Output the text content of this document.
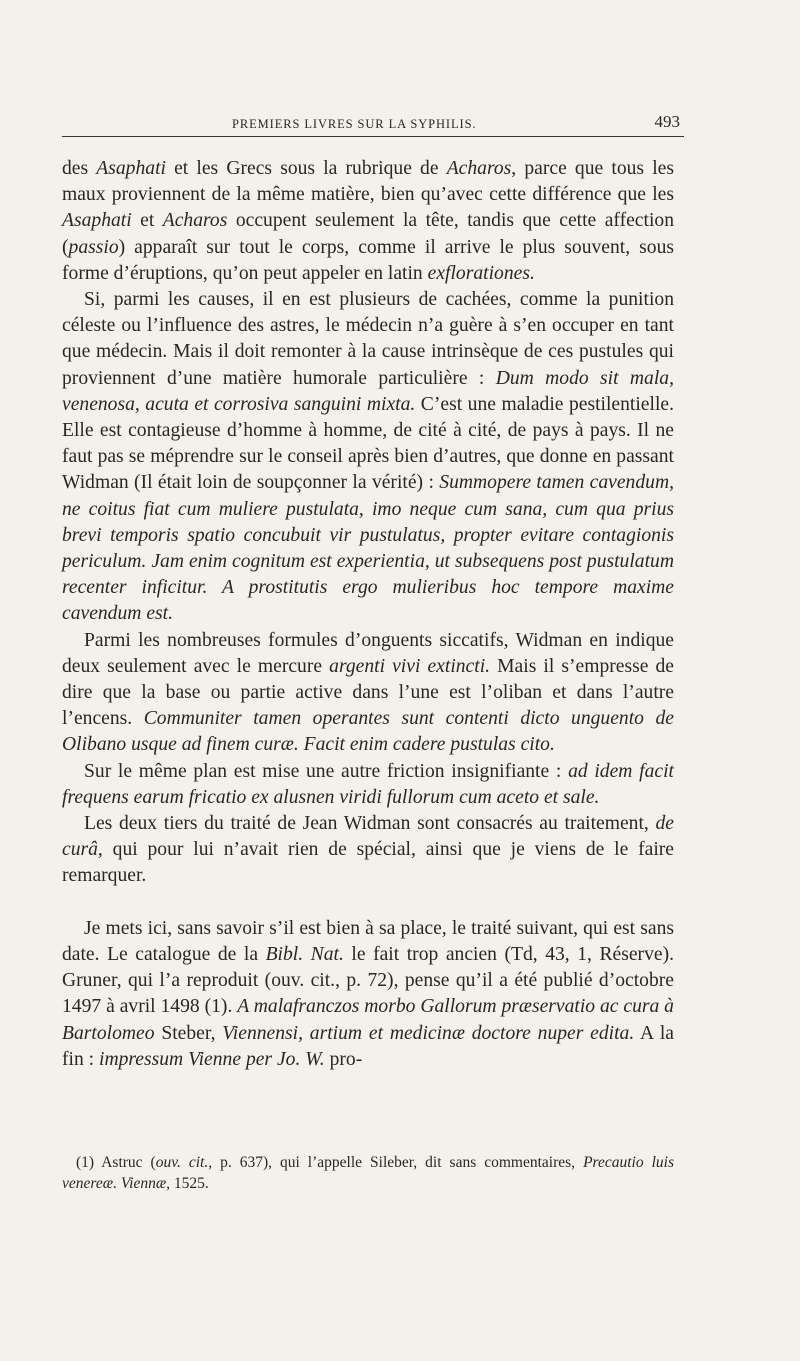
PREMIERS LIVRES SUR LA SYPHILIS.	493

des Asaphati et les Grecs sous la rubrique de Acharos, parce que tous les maux proviennent de la même matière, bien qu’avec cette différence que les Asaphati et Acharos occupent seulement la tête, tandis que cette affection (passio) apparaît sur tout le corps, comme il arrive le plus souvent, sous forme d’éruptions, qu’on peut appeler en latin exflorationes.

Si, parmi les causes, il en est plusieurs de cachées, comme la punition céleste ou l’influence des astres, le médecin n’a guère à s’en occuper en tant que médecin. Mais il doit remonter à la cause intrinsèque de ces pustules qui proviennent d’une matière humorale particulière : Dum modo sit mala, venenosa, acuta et corrosiva sanguini mixta. C’est une maladie pestilentielle. Elle est contagieuse d’homme à homme, de cité à cité, de pays à pays. Il ne faut pas se méprendre sur le conseil après bien d’autres, que donne en passant Widman (Il était loin de soupçonner la vérité) : Summopere tamen cavendum, ne coitus fiat cum muliere pustulata, imo neque cum sana, cum qua prius brevi temporis spatio concubuit vir pustulatus, propter evitare contagionis periculum. Jam enim cognitum est experientia, ut subsequens post pustulatum recenter inficitur. A prostitutis ergo mulieribus hoc tempore maxime cavendum est.

Parmi les nombreuses formules d’onguents siccatifs, Widman en indique deux seulement avec le mercure argenti vivi extincti. Mais il s’empresse de dire que la base ou partie active dans l’une est l’oliban et dans l’autre l’encens. Communiter tamen operantes sunt contenti dicto unguento de Olibano usque ad finem curæ. Facit enim cadere pustulas cito.

Sur le même plan est mise une autre friction insignifiante : ad idem facit frequens earum fricatio ex alusnen viridi fullorum cum aceto et sale.

Les deux tiers du traité de Jean Widman sont consacrés au traitement, de curâ, qui pour lui n’avait rien de spécial, ainsi que je viens de le faire remarquer.

Je mets ici, sans savoir s’il est bien à sa place, le traité suivant, qui est sans date. Le catalogue de la Bibl. Nat. le fait trop ancien (Td, 43, 1, Réserve). Gruner, qui l’a reproduit (ouv. cit., p. 72), pense qu’il a été publié d’octobre 1497 à avril 1498 (1). A malafranczos morbo Gallorum præservatio ac cura à Bartolomeo Steber, Viennensi, artium et medicinæ doctore nuper edita. A la fin : impressum Vienne per Jo. W. pro-

(1) Astruc (ouv. cit., p. 637), qui l’appelle Sileber, dit sans commentaires, Precautio luis venereæ. Viennæ, 1525.
